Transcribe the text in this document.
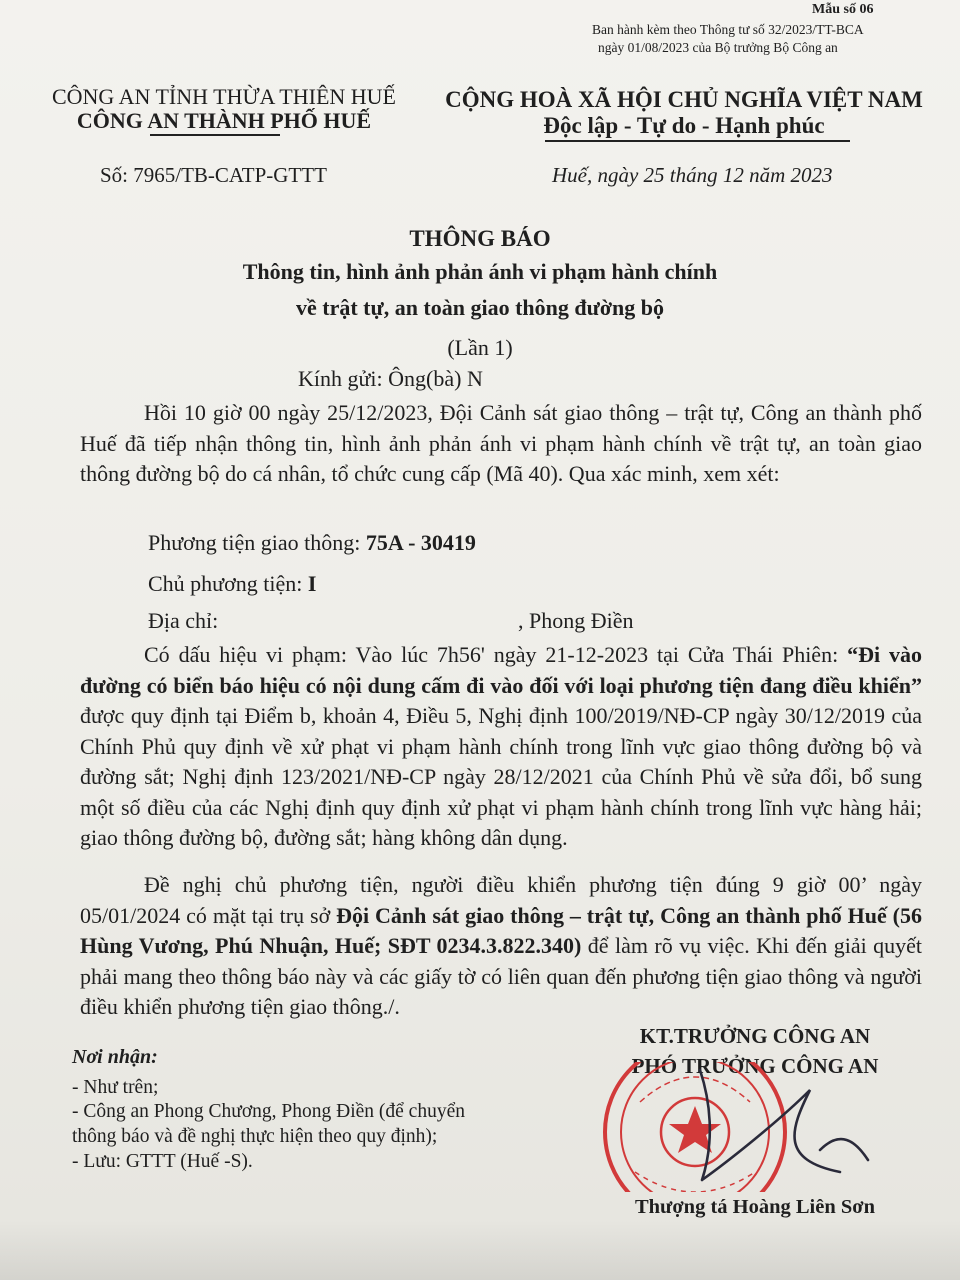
Mẫu số 06
Ban hành kèm theo Thông tư số 32/2023/TT-BCA
ngày 01/08/2023 của Bộ trưởng Bộ Công an
CÔNG AN TỈNH THỪA THIÊN HUẾ
CÔNG AN THÀNH PHỐ HUẾ
CỘNG HOÀ XÃ HỘI CHỦ NGHĨA VIỆT NAM
Độc lập - Tự do - Hạnh phúc
Số: 7965/TB-CATP-GTTT	Huế, ngày 25 tháng 12 năm 2023
THÔNG BÁO
Thông tin, hình ảnh phản ánh vi phạm hành chính
về trật tự, an toàn giao thông đường bộ
(Lần 1)
Kính gửi: Ông(bà) N
Hồi 10 giờ 00 ngày 25/12/2023, Đội Cảnh sát giao thông – trật tự, Công an thành phố Huế đã tiếp nhận thông tin, hình ảnh phản ánh vi phạm hành chính về trật tự, an toàn giao thông đường bộ do cá nhân, tổ chức cung cấp (Mã 40). Qua xác minh, xem xét:
Phương tiện giao thông: 75A - 30419
Chủ phương tiện: I
Địa chỉ:	, Phong Điền
Có dấu hiệu vi phạm: Vào lúc 7h56' ngày 21-12-2023 tại Cửa Thái Phiên: “Đi vào đường có biển báo hiệu có nội dung cấm đi vào đối với loại phương tiện đang điều khiển” được quy định tại Điểm b, khoản 4, Điều 5, Nghị định 100/2019/NĐ-CP ngày 30/12/2019 của Chính Phủ quy định về xử phạt vi phạm hành chính trong lĩnh vực giao thông đường bộ và đường sắt; Nghị định 123/2021/NĐ-CP ngày 28/12/2021 của Chính Phủ về sửa đổi, bổ sung một số điều của các Nghị định quy định xử phạt vi phạm hành chính trong lĩnh vực hàng hải; giao thông đường bộ, đường sắt; hàng không dân dụng.
Đề nghị chủ phương tiện, người điều khiển phương tiện đúng 9 giờ 00’ ngày 05/01/2024 có mặt tại trụ sở Đội Cảnh sát giao thông – trật tự, Công an thành phố Huế (56 Hùng Vương, Phú Nhuận, Huế; SĐT 0234.3.822.340) để làm rõ vụ việc. Khi đến giải quyết phải mang theo thông báo này và các giấy tờ có liên quan đến phương tiện giao thông và người điều khiển phương tiện giao thông./.
Nơi nhận:
- Như trên;
- Công an Phong Chương, Phong Điền (để chuyển
thông báo và đề nghị thực hiện theo quy định);
- Lưu: GTTT (Huế -S).
KT.TRƯỞNG CÔNG AN
PHÓ TRƯỞNG CÔNG AN
Thượng tá Hoàng Liên Sơn
